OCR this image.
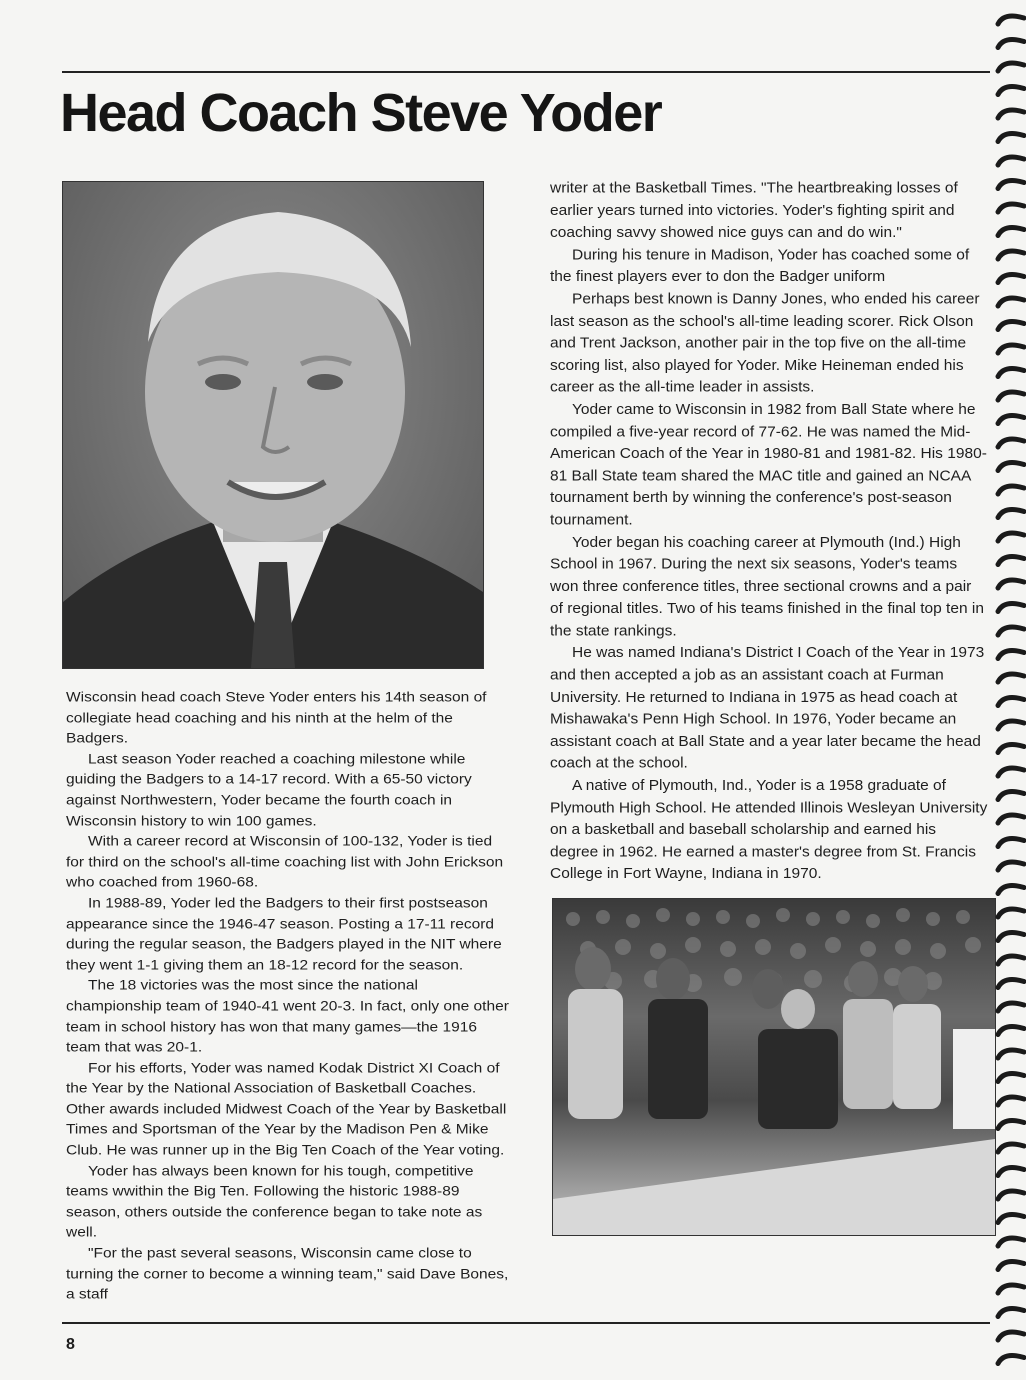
Head Coach Steve Yoder

Wisconsin head coach Steve Yoder enters his 14th season of collegiate head coaching and his ninth at the helm of the Badgers.

Last season Yoder reached a coaching milestone while guiding the Badgers to a 14-17 record. With a 65-50 victory against Northwestern, Yoder became the fourth coach in Wisconsin history to win 100 games.

With a career record at Wisconsin of 100-132, Yoder is tied for third on the school's all-time coaching list with John Erickson who coached from 1960-68.

In 1988-89, Yoder led the Badgers to their first postseason appearance since the 1946-47 season. Posting a 17-11 record during the regular season, the Badgers played in the NIT where they went 1-1 giving them an 18-12 record for the season.

The 18 victories was the most since the national championship team of 1940-41 went 20-3. In fact, only one other team in school history has won that many games—the 1916 team that was 20-1.

For his efforts, Yoder was named Kodak District XI Coach of the Year by the National Association of Basketball Coaches. Other awards included Midwest Coach of the Year by Basketball Times and Sportsman of the Year by the Madison Pen & Mike Club. He was runner up in the Big Ten Coach of the Year voting.

Yoder has always been known for his tough, competitive teams wwithin the Big Ten. Following the historic 1988-89 season, others outside the conference began to take note as well.

"For the past several seasons, Wisconsin came close to turning the corner to become a winning team," said Dave Bones, a staff

writer at the Basketball Times. "The heartbreaking losses of earlier years turned into victories. Yoder's fighting spirit and coaching savvy showed nice guys can and do win."

During his tenure in Madison, Yoder has coached some of the finest players ever to don the Badger uniform

Perhaps best known is Danny Jones, who ended his career last season as the school's all-time leading scorer. Rick Olson and Trent Jackson, another pair in the top five on the all-time scoring list, also played for Yoder. Mike Heineman ended his career as the all-time leader in assists.

Yoder came to Wisconsin in 1982 from Ball State where he compiled a five-year record of 77-62. He was named the Mid-American Coach of the Year in 1980-81 and 1981-82. His 1980-81 Ball State team shared the MAC title and gained an NCAA tournament berth by winning the conference's post-season tournament.

Yoder began his coaching career at Plymouth (Ind.) High School in 1967. During the next six seasons, Yoder's teams won three conference titles, three sectional crowns and a pair of regional titles. Two of his teams finished in the final top ten in the state rankings.

He was named Indiana's District I Coach of the Year in 1973 and then accepted a job as an assistant coach at Furman University. He returned to Indiana in 1975 as head coach at Mishawaka's Penn High School. In 1976, Yoder became an assistant coach at Ball State and a year later became the head coach at the school.

A native of Plymouth, Ind., Yoder is a 1958 graduate of Plymouth High School. He attended Illinois Wesleyan University on a basketball and baseball scholarship and earned his degree in 1962. He earned a master's degree from St. Francis College in Fort Wayne, Indiana in 1970.

8
